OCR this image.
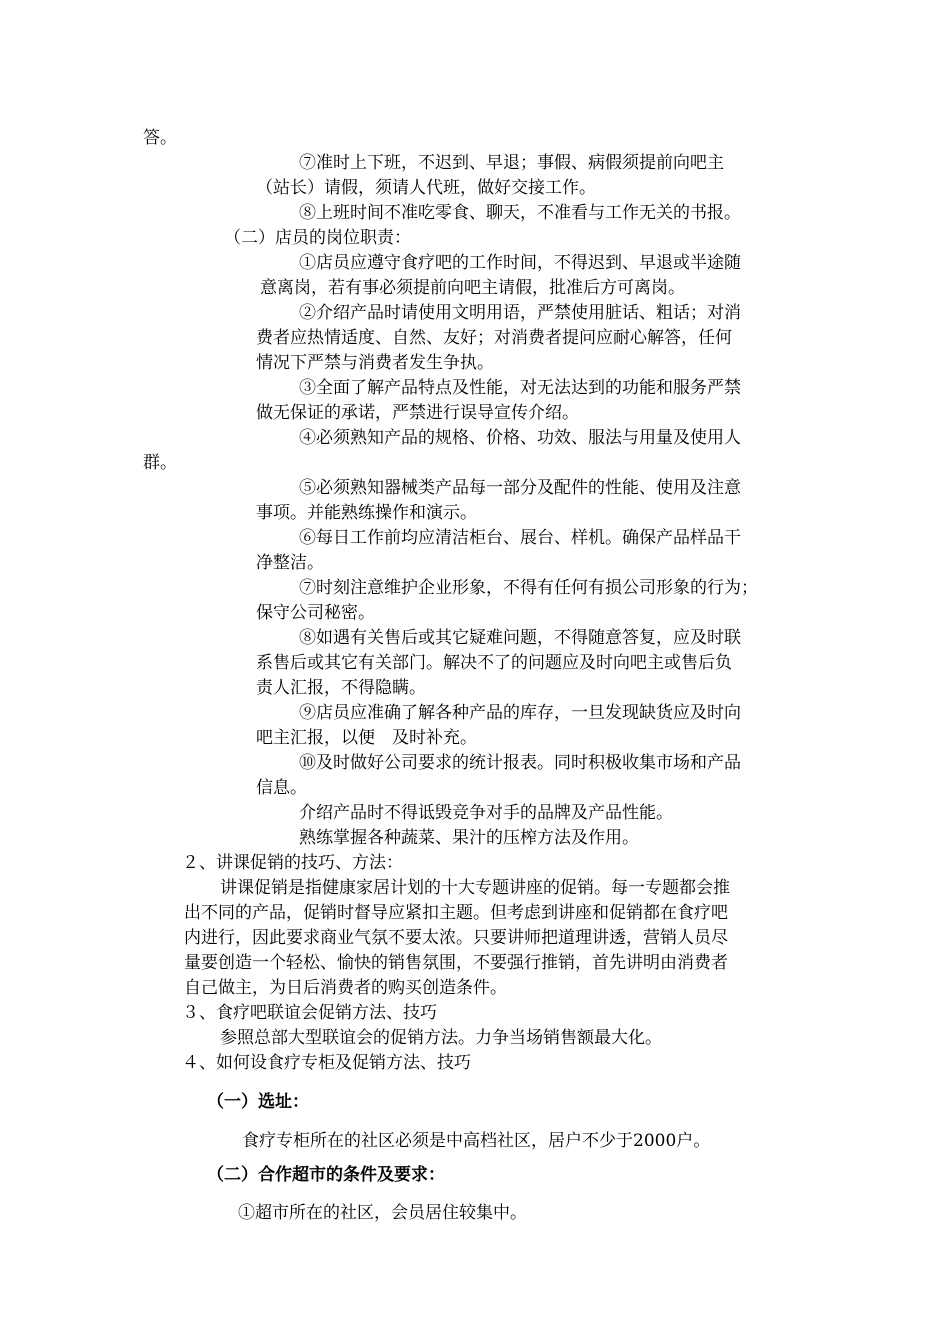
答。
⑦准时上下班，不迟到、早退；事假、病假须提前向吧主
（站长）请假，须请人代班，做好交接工作。
⑧上班时间不准吃零食、聊天，不准看与工作无关的书报。
（二）店员的岗位职责：
①店员应遵守食疗吧的工作时间，不得迟到、早退或半途随
意离岗，若有事必须提前向吧主请假，批准后方可离岗。
②介绍产品时请使用文明用语，严禁使用脏话、粗话；对消
费者应热情适度、自然、友好；对消费者提问应耐心解答，任何
情况下严禁与消费者发生争执。
③全面了解产品特点及性能，对无法达到的功能和服务严禁
做无保证的承诺，严禁进行误导宣传介绍。
④必须熟知产品的规格、价格、功效、服法与用量及使用人
群。
⑤必须熟知器械类产品每一部分及配件的性能、使用及注意
事项。并能熟练操作和演示。
⑥每日工作前均应清洁柜台、展台、样机。确保产品样品干
净整洁。
⑦时刻注意维护企业形象，不得有任何有损公司形象的行为；
保守公司秘密。
⑧如遇有关售后或其它疑难问题，不得随意答复，应及时联
系售后或其它有关部门。解决不了的问题应及时向吧主或售后负
责人汇报，不得隐瞒。
⑨店员应准确了解各种产品的库存，一旦发现缺货应及时向
吧主汇报，以便　及时补充。
⑩及时做好公司要求的统计报表。同时积极收集市场和产品
信息。
介绍产品时不得诋毁竞争对手的品牌及产品性能。
熟练掌握各种蔬菜、果汁的压榨方法及作用。
２、讲课促销的技巧、方法：
讲课促销是指健康家居计划的十大专题讲座的促销。每一专题都会推
出不同的产品，促销时督导应紧扣主题。但考虑到讲座和促销都在食疗吧
内进行，因此要求商业气氛不要太浓。只要讲师把道理讲透，营销人员尽
量要创造一个轻松、愉快的销售氛围，不要强行推销，首先讲明由消费者
自己做主，为日后消费者的购买创造条件。
３、食疗吧联谊会促销方法、技巧
参照总部大型联谊会的促销方法。力争当场销售额最大化。
４、如何设食疗专柜及促销方法、技巧
（一）选址：
食疗专柜所在的社区必须是中高档社区，居户不少于2000户。
（二）合作超市的条件及要求：
①超市所在的社区，会员居住较集中。
